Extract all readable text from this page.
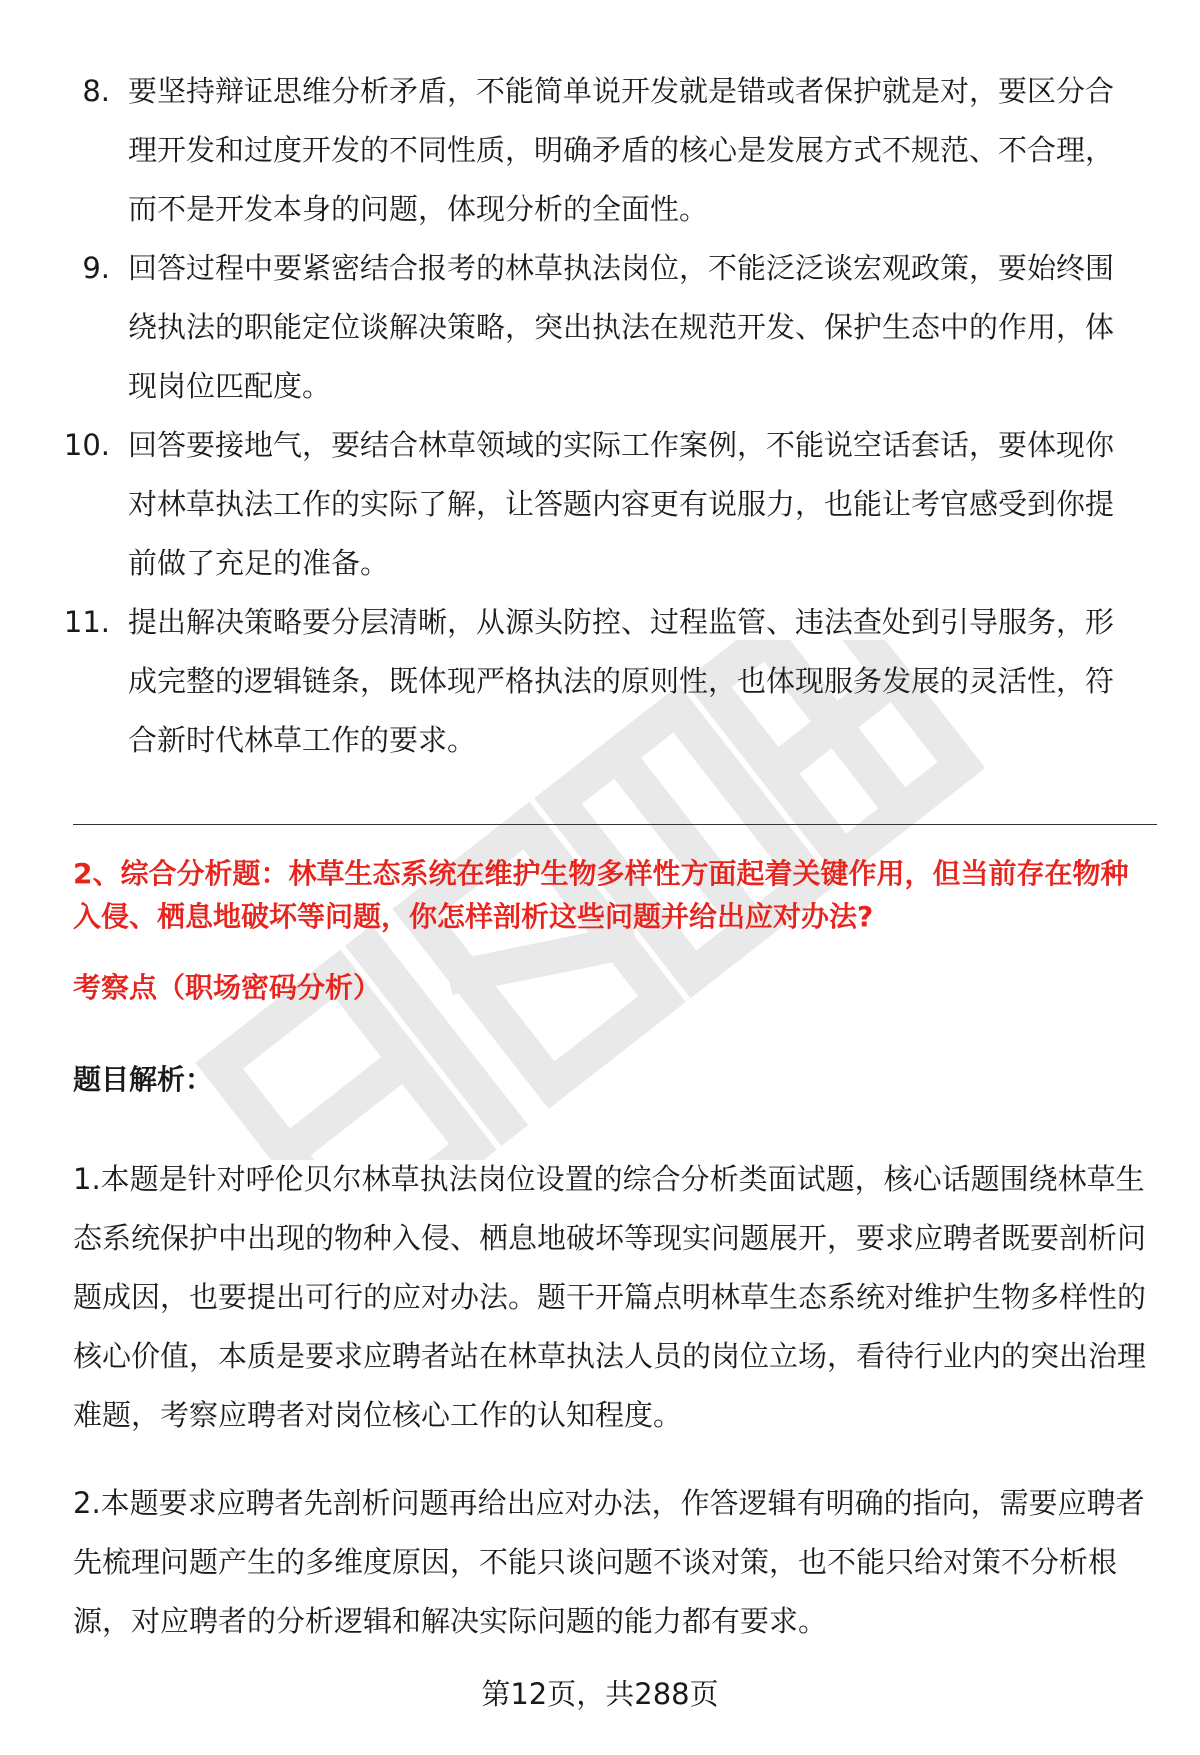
8. 要坚持辩证思维分析矛盾，不能简单说开发就是错或者保护就是对，要区分合理开发和过度开发的不同性质，明确矛盾的核心是发展方式不规范、不合理，而不是开发本身的问题，体现分析的全面性。

9. 回答过程中要紧密结合报考的林草执法岗位，不能泛泛谈宏观政策，要始终围绕执法的职能定位谈解决策略，突出执法在规范开发、保护生态中的作用，体现岗位匹配度。

10. 回答要接地气，要结合林草领域的实际工作案例，不能说空话套话，要体现你对林草执法工作的实际了解，让答题内容更有说服力，也能让考官感受到你提前做了充足的准备。

11. 提出解决策略要分层清晰，从源头防控、过程监管、违法查处到引导服务，形成完整的逻辑链条，既体现严格执法的原则性，也体现服务发展的灵活性，符合新时代林草工作的要求。

2、综合分析题：林草生态系统在维护生物多样性方面起着关键作用，但当前存在物种入侵、栖息地破坏等问题，你怎样剖析这些问题并给出应对办法?

考察点（职场密码分析）

题目解析：

1.本题是针对呼伦贝尔林草执法岗位设置的综合分析类面试题，核心话题围绕林草生态系统保护中出现的物种入侵、栖息地破坏等现实问题展开，要求应聘者既要剖析问题成因，也要提出可行的应对办法。题干开篇点明林草生态系统对维护生物多样性的核心价值，本质是要求应聘者站在林草执法人员的岗位立场，看待行业内的突出治理难题，考察应聘者对岗位核心工作的认知程度。

2.本题要求应聘者先剖析问题再给出应对办法，作答逻辑有明确的指向，需要应聘者先梳理问题产生的多维度原因，不能只谈问题不谈对策，也不能只给对策不分析根源，对应聘者的分析逻辑和解决实际问题的能力都有要求。

第12页，共288页
